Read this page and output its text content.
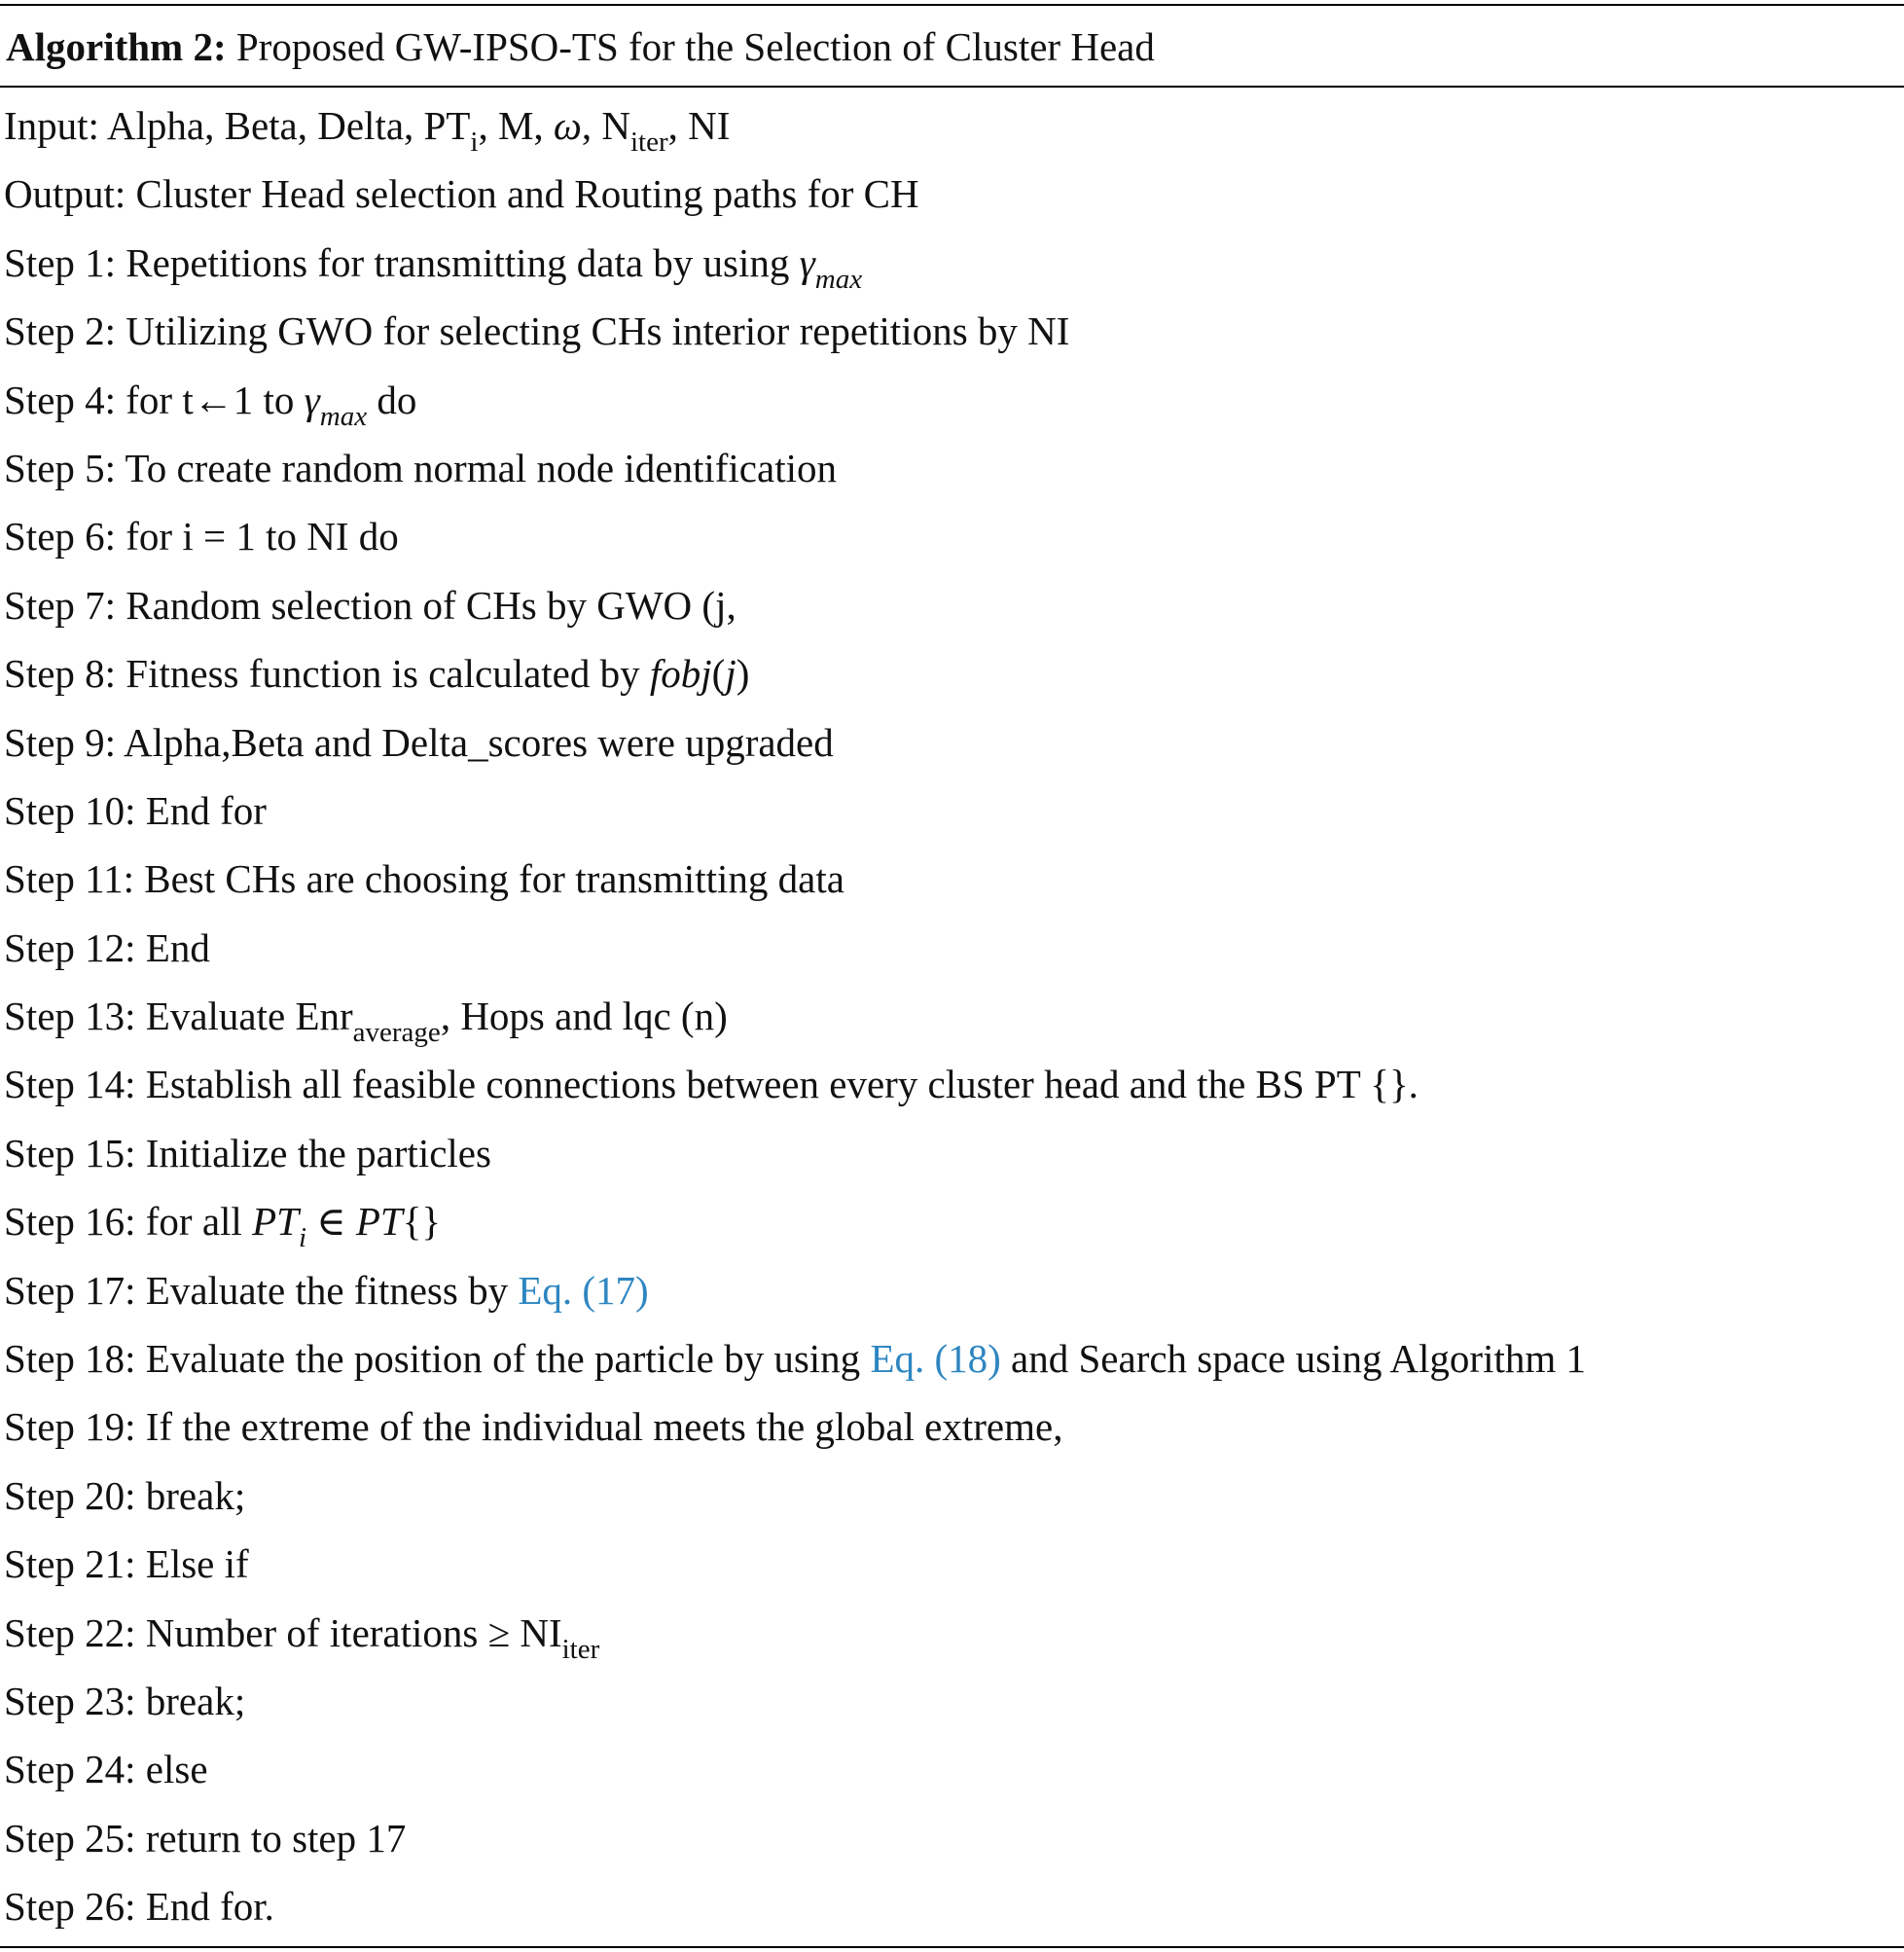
Algorithm 2: Proposed GW-IPSO-TS for the Selection of Cluster Head
Input: Alpha, Beta, Delta, $PT_i$, M, ω, $N_{iter}$, NI
Output: Cluster Head selection and Routing paths for CH
Step 1: Repetitions for transmitting data by using $\gamma_{max}$
Step 2: Utilizing GWO for selecting CHs interior repetitions by NI
Step 4: for t←1 to $\gamma_{max}$ do
Step 5: To create random normal node identification
Step 6: for i = 1 to NI do
Step 7: Random selection of CHs by GWO (j,
Step 8: Fitness function is calculated by fobj(j)
Step 9: Alpha,Beta and Delta_scores were upgraded
Step 10: End for
Step 11: Best CHs are choosing for transmitting data
Step 12: End
Step 13: Evaluate Enr$_{average}$, Hops and lqc (n)
Step 14: Establish all feasible connections between every cluster head and the BS PT {}.
Step 15: Initialize the particles
Step 16: for all $PT_i$ ∈ PT{}
Step 17: Evaluate the fitness by Eq. (17)
Step 18: Evaluate the position of the particle by using Eq. (18) and Search space using Algorithm 1
Step 19: If the extreme of the individual meets the global extreme,
Step 20: break;
Step 21: Else if
Step 22: Number of iterations ≥ $NI_{iter}$
Step 23: break;
Step 24: else
Step 25: return to step 17
Step 26: End for.
